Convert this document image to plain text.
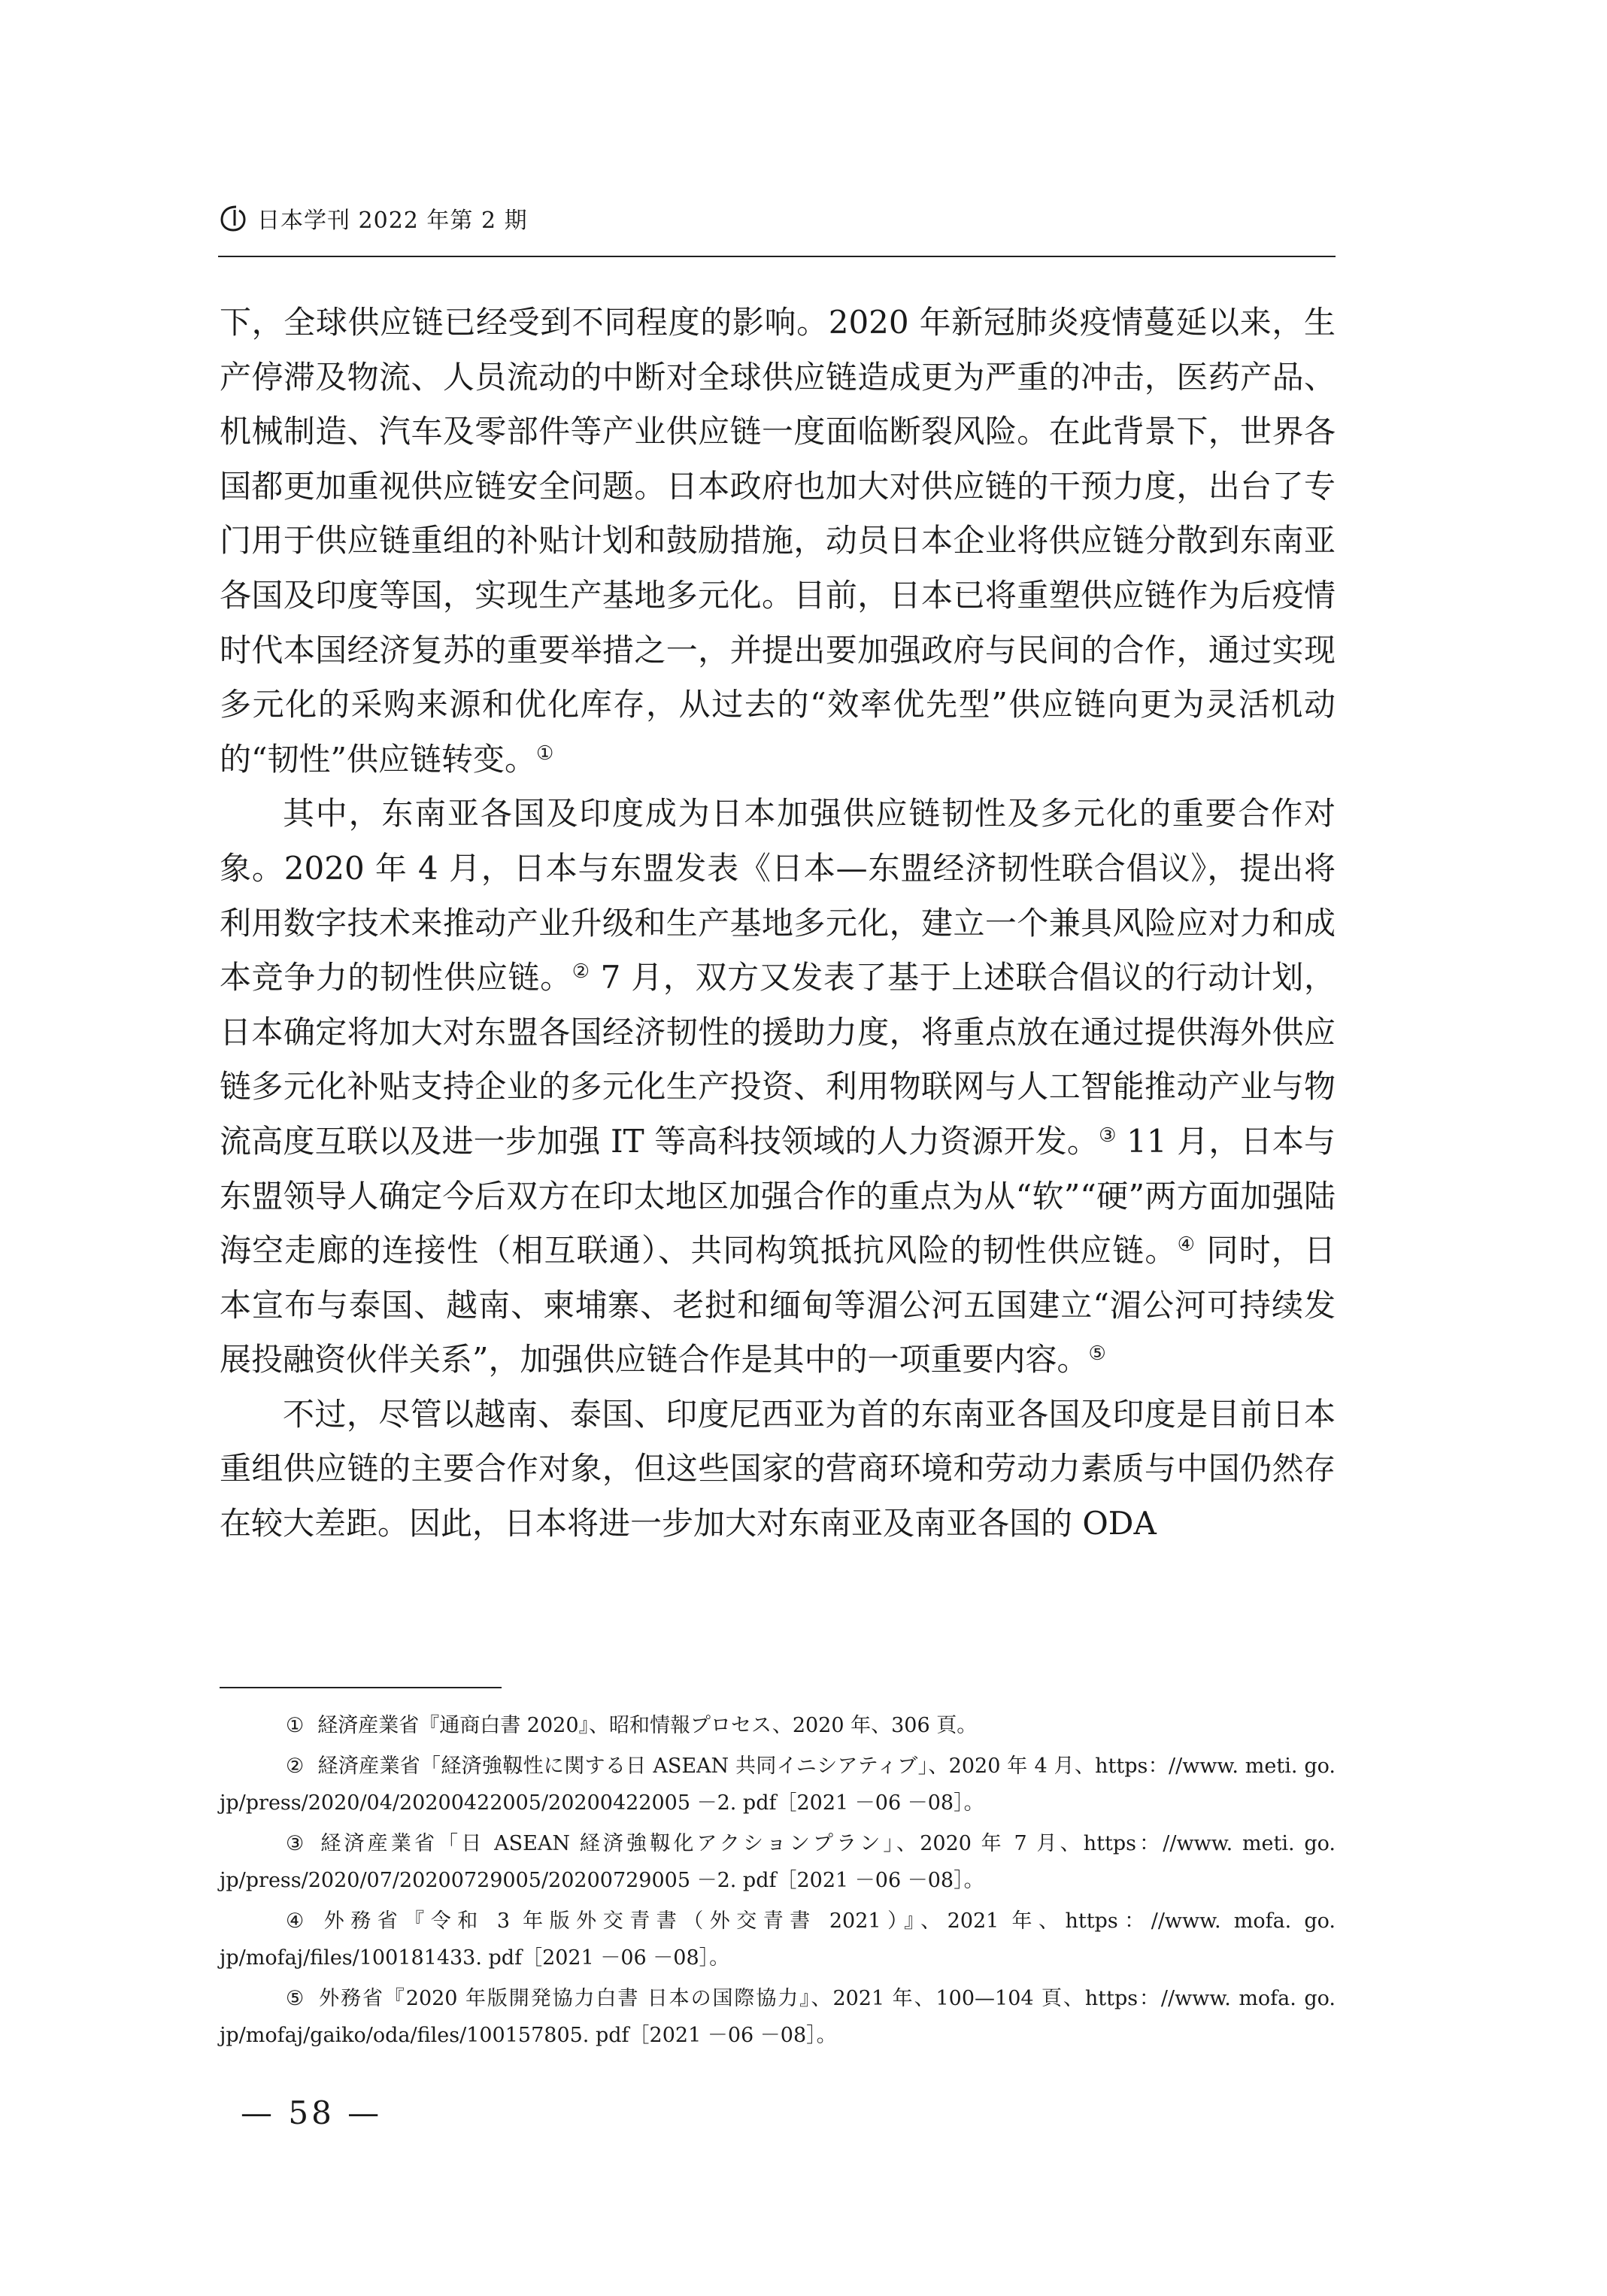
日本学刊 2022 年第 2 期

下，全球供应链已经受到不同程度的影响。2020 年新冠肺炎疫情蔓延以来，生产停滞及物流、人员流动的中断对全球供应链造成更为严重的冲击，医药产品、机械制造、汽车及零部件等产业供应链一度面临断裂风险。在此背景下，世界各国都更加重视供应链安全问题。日本政府也加大对供应链的干预力度，出台了专门用于供应链重组的补贴计划和鼓励措施，动员日本企业将供应链分散到东南亚各国及印度等国，实现生产基地多元化。目前，日本已将重塑供应链作为后疫情时代本国经济复苏的重要举措之一，并提出要加强政府与民间的合作，通过实现多元化的采购来源和优化库存，从过去的“效率优先型”供应链向更为灵活机动的“韧性”供应链转变。①

其中，东南亚各国及印度成为日本加强供应链韧性及多元化的重要合作对象。2020 年 4 月，日本与东盟发表《日本—东盟经济韧性联合倡议》，提出将利用数字技术来推动产业升级和生产基地多元化，建立一个兼具风险应对力和成本竞争力的韧性供应链。② 7 月，双方又发表了基于上述联合倡议的行动计划，日本确定将加大对东盟各国经济韧性的援助力度，将重点放在通过提供海外供应链多元化补贴支持企业的多元化生产投资、利用物联网与人工智能推动产业与物流高度互联以及进一步加强 IT 等高科技领域的人力资源开发。③ 11 月，日本与东盟领导人确定今后双方在印太地区加强合作的重点为从“软”“硬”两方面加强陆海空走廊的连接性（相互联通）、共同构筑抵抗风险的韧性供应链。④ 同时，日本宣布与泰国、越南、柬埔寨、老挝和缅甸等湄公河五国建立“湄公河可持续发展投融资伙伴关系”，加强供应链合作是其中的一项重要内容。⑤

不过，尽管以越南、泰国、印度尼西亚为首的东南亚各国及印度是目前日本重组供应链的主要合作对象，但这些国家的营商环境和劳动力素质与中国仍然存在较大差距。因此，日本将进一步加大对东南亚及南亚各国的 ODA

① 経済産業省『通商白書 2020』、昭和情報プロセス、2020 年、306 頁。

② 経済産業省「経済強靱性に関する日 ASEAN 共同イニシアティブ」、2020 年 4 月、https：//www. meti. go. jp/press/2020/04/20200422005/20200422005 －2. pdf［2021 －06 －08］。

③ 経済産業省「日 ASEAN 経済強靱化アクションプラン」、2020 年 7 月、https：//www. meti. go. jp/press/2020/07/20200729005/20200729005 －2. pdf［2021 －06 －08］。

④ 外務省『令和 3 年版外交青書（外交青書 2021）』、2021 年、https：//www. mofa. go. jp/mofaj/files/100181433. pdf［2021 －06 －08］。

⑤ 外務省『2020 年版開発協力白書 日本の国際協力』、2021 年、100—104 頁、https：//www. mofa. go. jp/mofaj/gaiko/oda/files/100157805. pdf［2021 －06 －08］。

— 58 —
